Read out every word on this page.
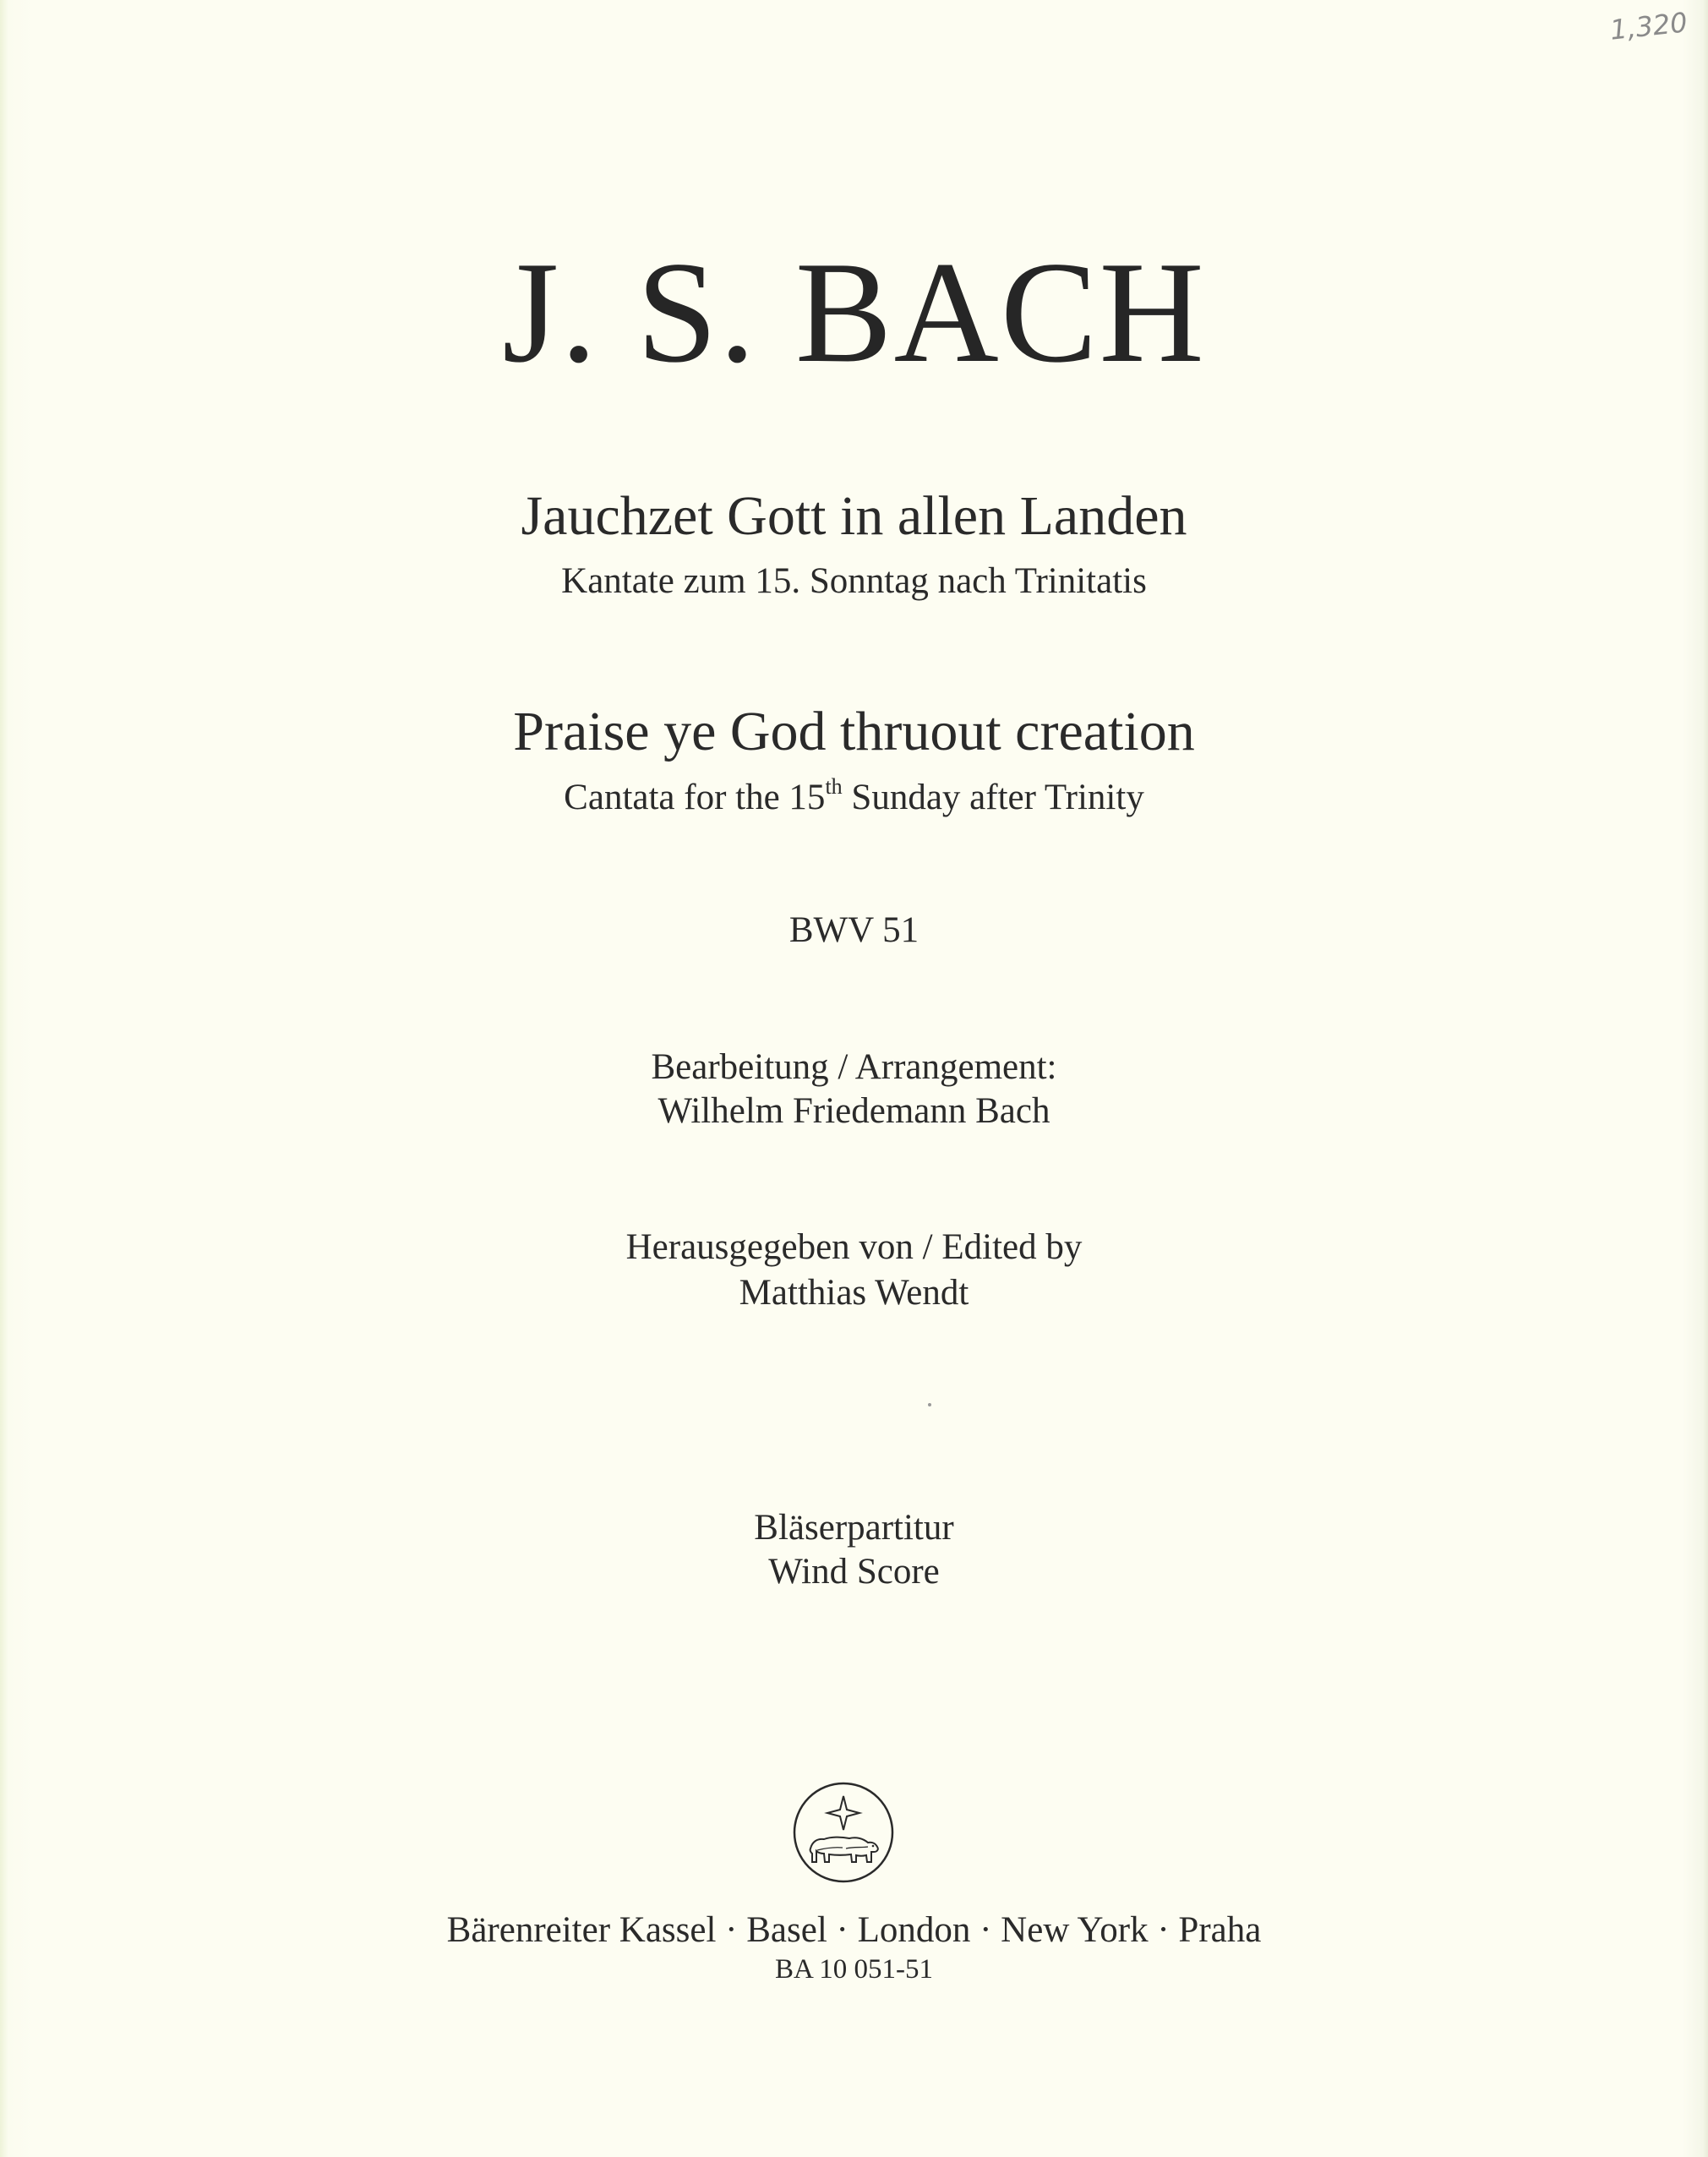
1,320
J. S. BACH
Jauchzet Gott in allen Landen
Kantate zum 15. Sonntag nach Trinitatis
Praise ye God thruout creation
Cantata for the 15th Sunday after Trinity
BWV 51
Bearbeitung / Arrangement:
Wilhelm Friedemann Bach
Herausgegeben von / Edited by
Matthias Wendt
Bläserpartitur
Wind Score
Bärenreiter Kassel · Basel · London · New York · Praha
BA 10 051-51
